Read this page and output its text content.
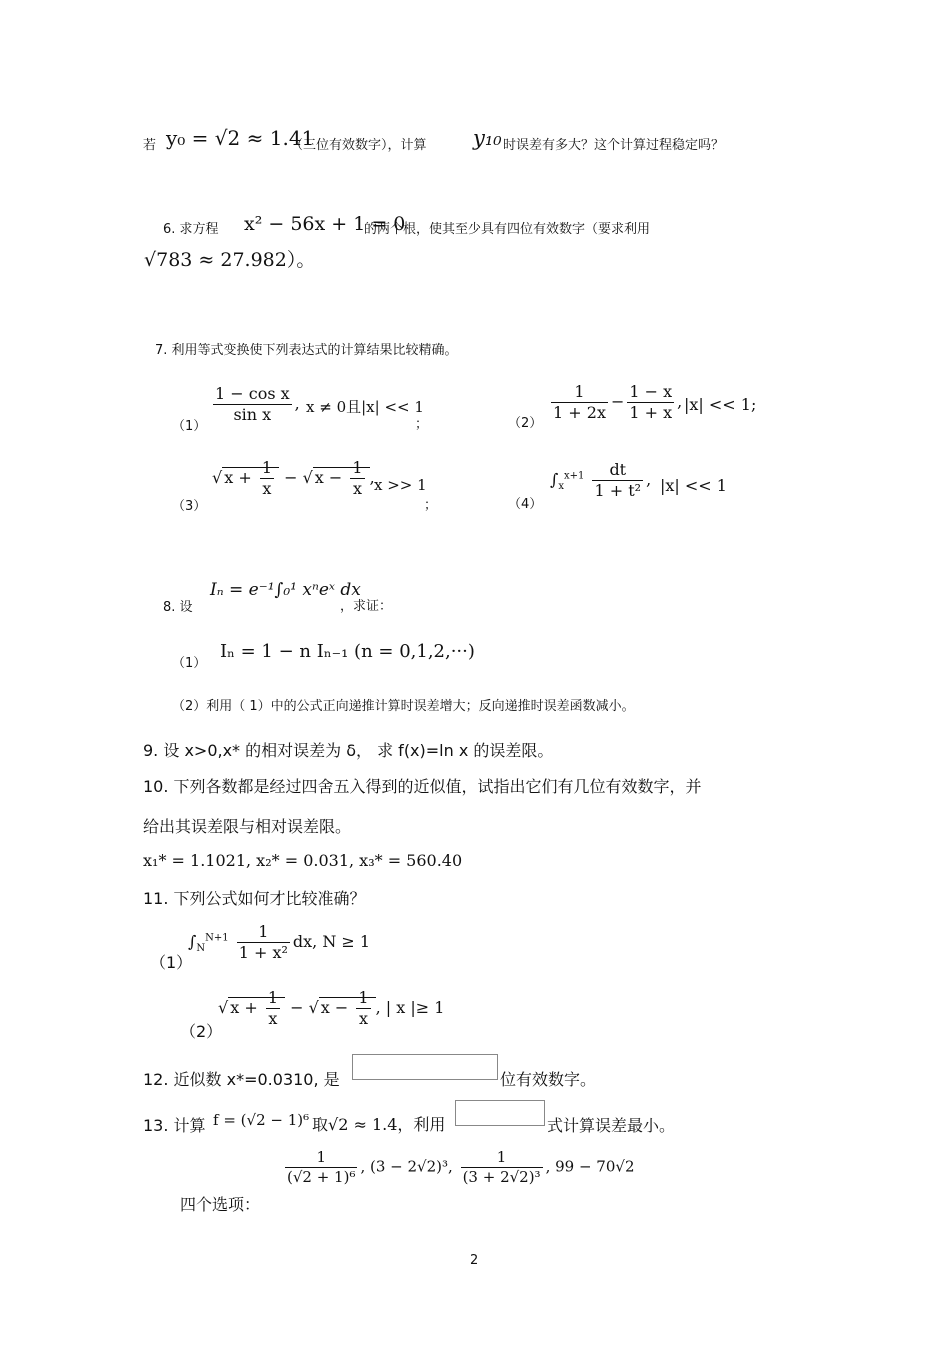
若 y₀ = √2 ≈ 1.41
（三位有效数字），计算 y₁₀ 时误差有多大？这个计算过程稳定吗？
6. 求方程 x² − 56x + 1 = 0
的两个根，使其至少具有四位有效数字（要求利用
√783 ≈ 27.982）。
7. 利用等式变换使下列表达式的计算结果比较精确。
（1）
$\frac{\text{1 − cos x}}{\text{sin x}}$ , x ≠ 0且|x| << 1
；	（2）
$\frac{1}{1 + 2x} - \frac{1 - x}{1 + x}$ , |x| << 1;
（3）
√ $x + \frac{1}{x}$ − √ $x - \frac{1}{x}$ , x >> 1
；	（4）
$\int_x^{x+1} \frac{dt}{\text{1 + t²}}$ , |x| << 1
8. 设
Iₙ = e⁻¹∫₀¹ xⁿeˣ dx
，求证：
（1）
Iₙ = 1 − n Iₙ₋₁ (n = 0,1,2,···)
（2）利用（ 1）中的公式正向递推计算时误差增大；反向递推时误差函数减小。
9. 设 x>0,x* 的相对误差为 δ， 求 f(x)=ln x 的误差限。
10. 下列各数都是经过四舍五入得到的近似值，试指出它们有几位有效数字，并
给出其误差限与相对误差限。
x₁* = 1.1021, x₂* = 0.031, x₃* = 560.40
11. 下列公式如何才比较准确？
（1）
$\int_N^{N+1} \frac{1}{\text{1 + x²}}$ dx, N ≥ 1
（2）
√ $x + \frac{1}{x}$ − √ $x - \frac{1}{x}$ , | x |≥ 1
12. 近似数 x*=0.0310, 是	位有效数字。
13. 计算 f = (√2 − 1)⁶ 取√2 ≈ 1.4，利用	式计算误差最小。
$\frac{1}{\text{(√2 + 1)⁶}}$ , (3 − 2√2)³, $\frac{1}{\text{(3 + 2√2)³}}$ , 99 − 70√2
四个选项：
2
